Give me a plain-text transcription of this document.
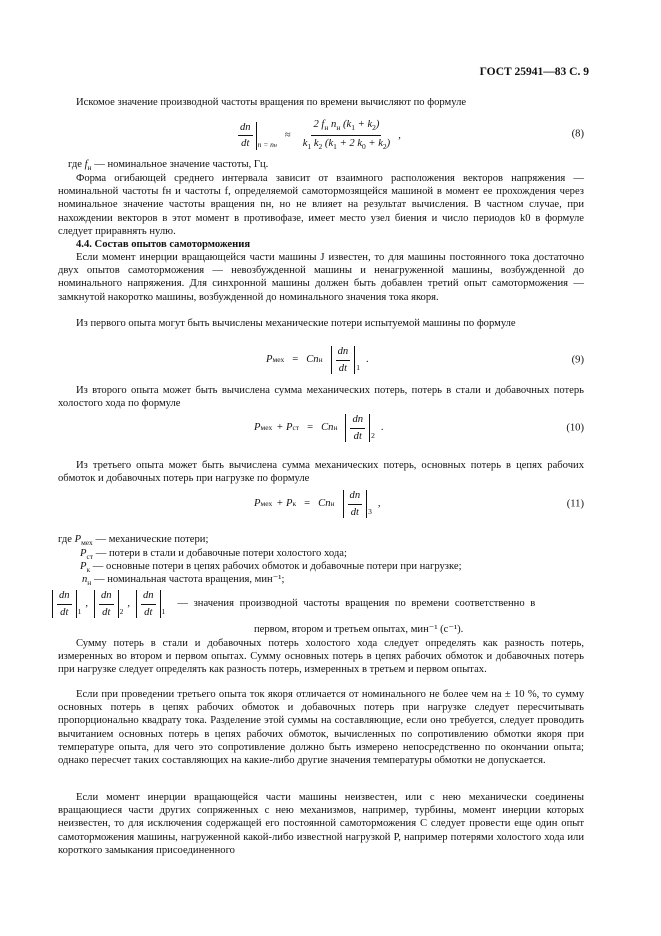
ГОСТ 25941—83 С. 9

Искомое значение производной частоты вращения по времени вычисляют по формуле

$\frac{dn}{dt}$ n = nн
≈ $\frac{2 f_н n_н (k_1 + k_2)}{k_1 k_2 (k_1 + 2 k_0 + k_2)}$ ,	(8)

где $f_н$ — номинальное значение частоты, Гц.

Форма огибающей среднего интервала зависит от взаимного расположения векторов напряжения — номинальной частоты fн и частоты f, определяемой самотормозящейся машиной в момент ее прохождения через номинальное значение частоты вращения nн, но не влияет на результат вычисления. В частном случае, при нахождении векторов в этот момент в противофазе, имеет место узел биения и число периодов k0 в формуле следует приравнять нулю.

4.4. Состав опытов самоторможения

Если момент инерции вращающейся части машины J известен, то для машины постоянного тока достаточно двух опытов самоторможения — невозбужденной машины и ненагруженной машины, возбужденной до номинального напряжения. Для синхронной машины должен быть добавлен третий опыт самоторможения — замкнутой накоротко машины, возбужденной до номинального значения тока якоря.

Из первого опыта могут быть вычислены механические потери испытуемой машины по формуле

P мех = Cn н $\frac{dn}{dt} 1$
.	(9)

Из второго опыта может быть вычислена сумма механических потерь, потерь в стали и добавочных потерь холостого хода по формуле

P мех + P ст = Cn н $\frac{dn}{dt} 2$
.	(10)

Из третьего опыта может быть вычислена сумма механических потерь, основных потерь в цепях рабочих обмоток и добавочных потерь при нагрузке по формуле

P мех + P к = Cn н $\frac{dn}{dt} 3$
,	(11)

где $P_{мех}$ — механические потери;

$P_{ст}$ — потери в стали и добавочные потери холостого хода;

$P_к$ — основные потери в цепях рабочих обмоток и добавочные потери при нагрузке;

$n_н$ — номинальная частота вращения, мин⁻¹;

$\frac{dn}{dt} 1$
, $\frac{dn}{dt} 2$
, $\frac{dn}{dt} 1$
— значения производной частоты вращения по времени соответственно в

первом, втором и третьем опытах, мин⁻¹ (с⁻¹).

Сумму потерь в стали и добавочных потерь холостого хода следует определять как разность потерь, измеренных во втором и первом опытах. Сумму основных потерь в цепях рабочих обмоток и добавочных потерь при нагрузке следует определять как разность потерь, измеренных в третьем и первом опытах.

Если при проведении третьего опыта ток якоря отличается от номинального не более чем на ± 10 %, то сумму основных потерь в цепях рабочих обмоток и добавочных потерь при нагрузке следует пересчитывать пропорционально квадрату тока. Разделение этой суммы на составляющие, если оно требуется, следует проводить вычитанием основных потерь в цепях рабочих обмоток, вычисленных по сопротивлению обмотки якоря при температуре опыта, для чего это сопротивление должно быть измерено непосредственно по окончании опыта; однако пересчет таких составляющих на какие-либо другие значения температуры обмотки не допускается.

Если момент инерции вращающейся части машины неизвестен, или с нею механически соединены вращающиеся части других сопряженных с нею механизмов, например, турбины, момент инерции которых неизвестен, то для исключения содержащей его постоянной самоторможения С следует провести еще один опыт самоторможения машины, нагруженной какой-либо известной нагрузкой P, например потерями холостого хода или короткого замыкания присоединенного
